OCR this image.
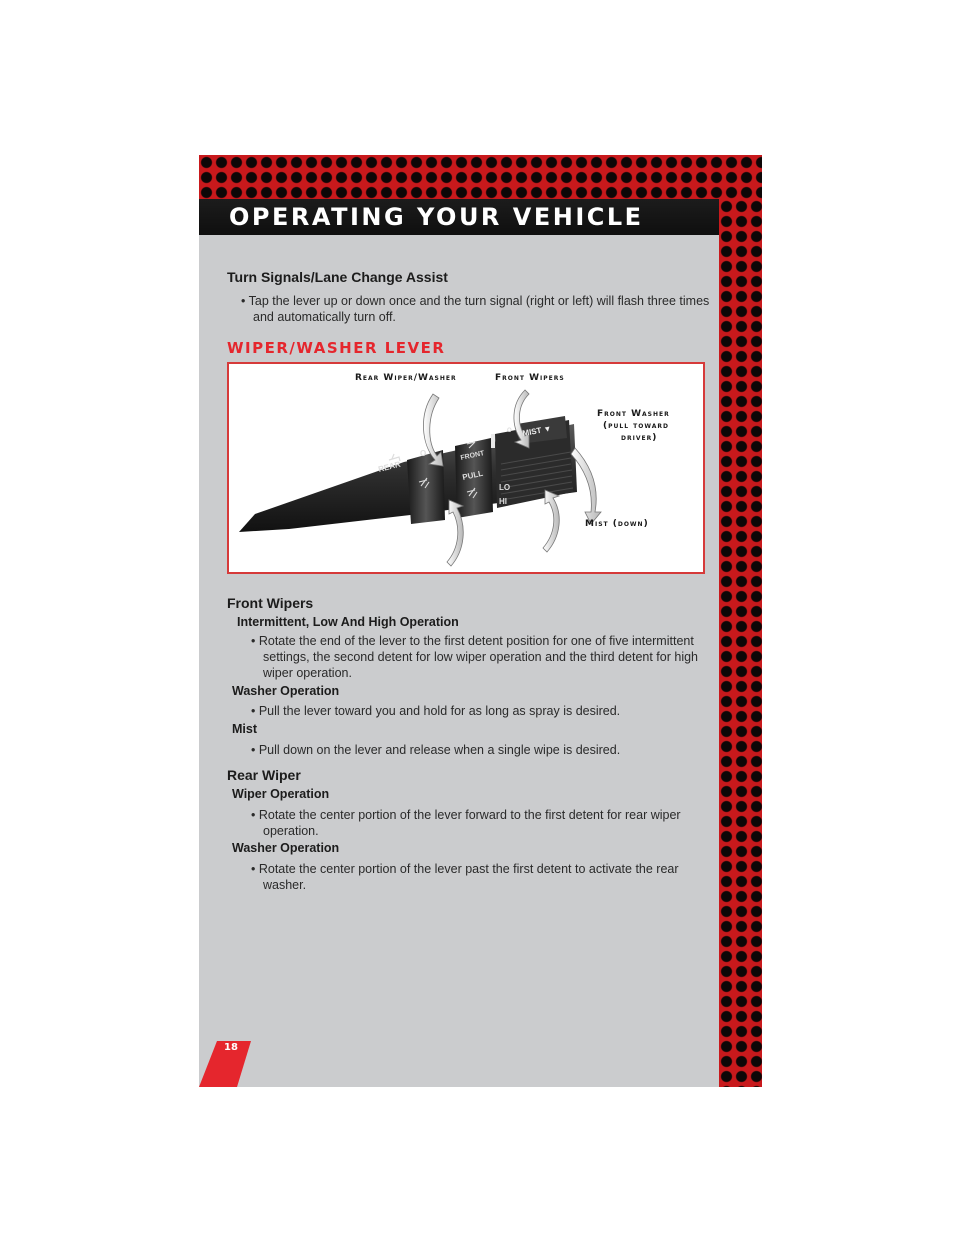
OPERATING YOUR VEHICLE
Turn Signals/Lane Change Assist

• Tap the lever up or down once and the turn signal (right or left) will flash three times and automatically turn off.

WIPER/WASHER LEVER
REAR
FRONT
PULL
LO
HI
MIST ▼
O
O
Rear Wiper/Washer	Front Wipers
Front Washer
(pull toward
driver)
Mist (down)
Front Wipers
Intermittent, Low And High Operation

• Rotate the end of the lever to the first detent position for one of five intermittent settings, the second detent for low wiper operation and the third detent for high wiper operation.

Washer Operation

• Pull the lever toward you and hold for as long as spray is desired.

Mist

• Pull down on the lever and release when a single wipe is desired.

Rear Wiper
Wiper Operation

• Rotate the center portion of the lever forward to the first detent for rear wiper operation.

Washer Operation

• Rotate the center portion of the lever past the first detent to activate the rear washer.

18
